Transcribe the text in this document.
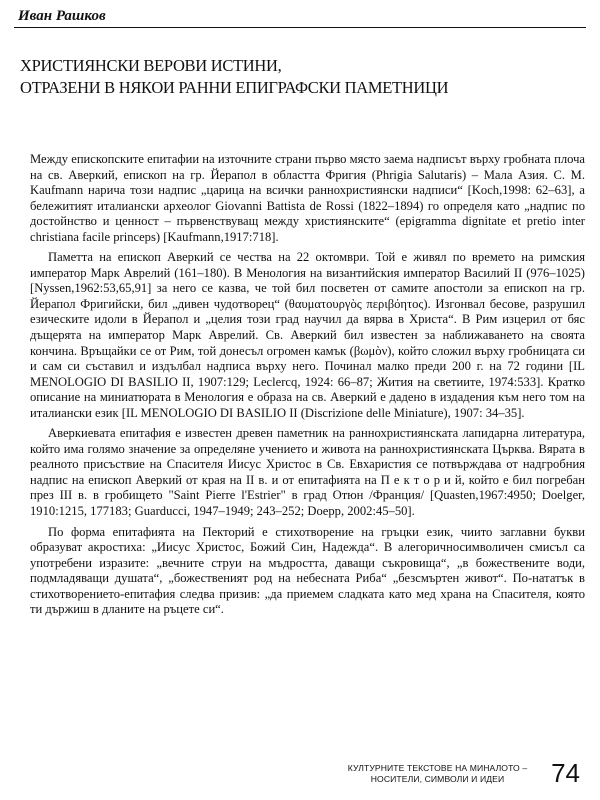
Иван Рашков
ХРИСТИЯНСКИ ВЕРОВИ ИСТИНИ,
ОТРАЗЕНИ В НЯКОИ РАННИ ЕПИГРАФСКИ ПАМЕТНИЦИ

Между епископските епитафии на източните страни първо място заема надписът върху гробната плоча на св. Аверкий, епископ на гр. Йерапол в областта Фригия (Phrigia Salutaris) – Мала Азия. С. М. Kaufmann нарича този надпис „царица на всички раннохристиянски надписи“ [Koch,1998: 62–63], а бележитият италиански археолог Giovanni Battista de Rossi (1822–1894) го определя като „надпис по достойнство и ценност – първенствуващ между християнските“ (epigramma dignitate et pretio inter christiana facile princeps) [Kaufmann,1917:718].

Паметта на епископ Аверкий се чества на 22 октомври. Той е живял по времето на римския император Марк Аврелий (161–180). В Менология на византийския император Василий II (976–1025) [Nyssen,1962:53,65,91] за него се казва, че той бил посветен от самите апостоли за епископ на гр. Йерапол Фригийски, бил „дивен чудотворец“ (θαυματουργὸς περιβόητος). Изгонвал бесове, разрушил езическите идоли в Йерапол и „целия този град научил да вярва в Христа“. В Рим изцерил от бяс дъщерята на император Марк Аврелий. Св. Аверкий бил известен за наближаването на своята кончина. Връщайки се от Рим, той донесъл огромен камък (βωμὸν), който сложил върху гробницата си и сам си съставил и издълбал надписа върху него. Починал малко преди 200 г. на 72 години [IL MENOLOGIO DI BASILIO II, 1907:129; Leclercq, 1924: 66–87; Жития на светиите, 1974:533]. Кратко описание на миниатюрата в Менология е образа на св. Аверкий е дадено в издадения към него том на италиански език [IL MENOLOGIO DI BASILIO II (Discrizione delle Miniature), 1907: 34–35].

Аверкиевата епитафия е известен древен паметник на раннохристиянската лапидарна литература, който има голямо значение за определяне учението и живота на раннохристиянската Църква. Вярата в реалното присъствие на Спасителя Иисус Христос в Св. Евхаристия се потвърждава от надгробния надпис на епископ Аверкий от края на II в. и от епитафията на П е к т о р и й, който е бил погребан през III в. в гробището "Saint Pierre l'Estrier" в град Отюн /Франция/ [Quasten,1967:4950; Doelger, 1910:1215, 177183; Guarducci, 1947–1949; 243–252; Doepp, 2002:45–50].

По форма епитафията на Пекторий е стихотворение на гръцки език, чиито заглавни букви образуват акростиха: „Иисус Христос, Божий Син, Надежда“. В алегоричносимволичен смисъл са употребени изразите: „вечните струи на мъдростта, даващи съкровища“, „в божествените води, подмладяващи душата“, „божественият род на небесната Риба“ „безсмъртен живот“. По-нататък в стихотворението-епитафия следва призив: „да приемем сладката като мед храна на Спасителя, която ти държиш в дланите на ръцете си“.

КУЛТУРНИТЕ ТЕКСТОВЕ НА МИНАЛОТО –
НОСИТЕЛИ, СИМВОЛИ И ИДЕИ	74
